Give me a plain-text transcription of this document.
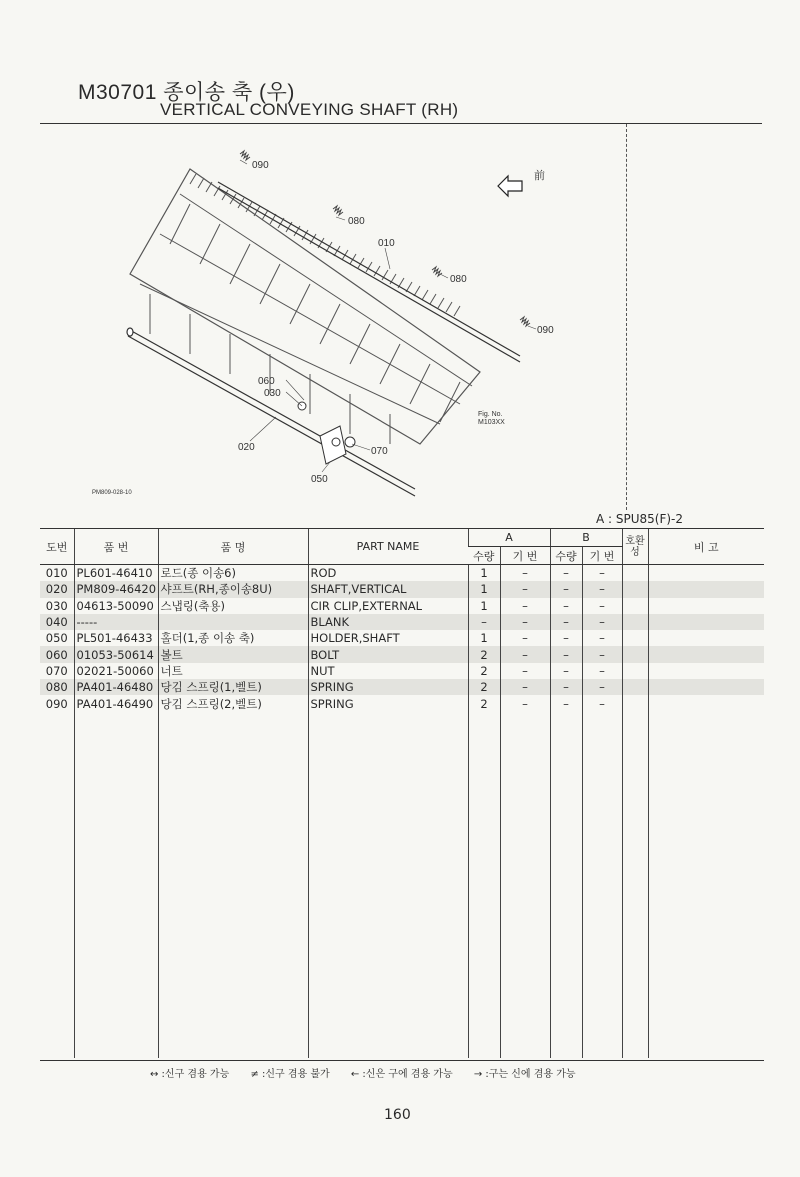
M30701 종이송 축 (우)
VERTICAL CONVEYING SHAFT (RH)
前
090
080
010
080
090
060
030
020	070
050
Fig. No.
M103XX
PM809-028-10
A : SPU85(F)-2
도번	품 번	품 명	PART NAME	A		B		호환성	비 고
				수량	기 번	수량	기 번		
010	PL601-46410	로드(종 이송6)	ROD	1	–	–	–		
020	PM809-46420	샤프트(RH,종이송8U)	SHAFT,VERTICAL	1	–	–	–		
030	04613-50090	스냅링(축용)	CIR CLIP,EXTERNAL	1	–	–	–		
040	-----		BLANK	–	–	–	–		
050	PL501-46433	홀더(1,종 이송 축)	HOLDER,SHAFT	1	–	–	–		
060	01053-50614	볼트	BOLT	2	–	–	–		
070	02021-50060	너트	NUT	2	–	–	–		
080	PA401-46480	당김 스프링(1,벨트)	SPRING	2	–	–	–		
090	PA401-46490	당김 스프링(2,벨트)	SPRING	2	–	–	–		

↔ :신구 겸용 가능 ≠ :신구 겸용 불가 ← :신은 구에 겸용 가능 → :구는 신에 겸용 가능
160
